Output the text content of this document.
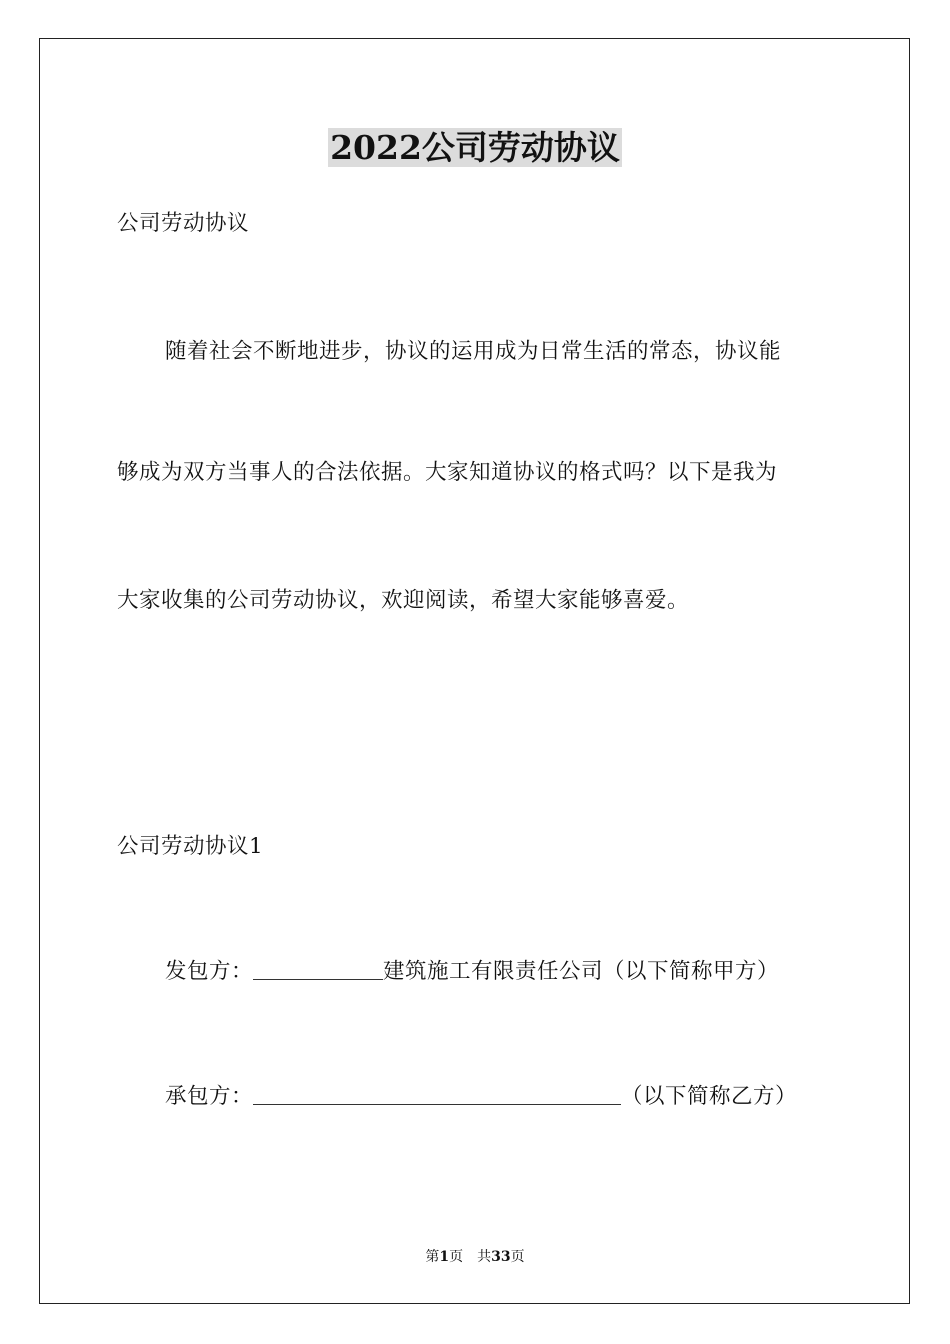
2022公司劳动协议

公司劳动协议

随着社会不断地进步，协议的运用成为日常生活的常态，协议能

够成为双方当事人的合法依据。大家知道协议的格式吗？以下是我为

大家收集的公司劳动协议，欢迎阅读，希望大家能够喜爱。

公司劳动协议1

发包方：	建筑施工有限责任公司（以下简称甲方）

承包方：	（以下简称乙方）

第1页　共33页
